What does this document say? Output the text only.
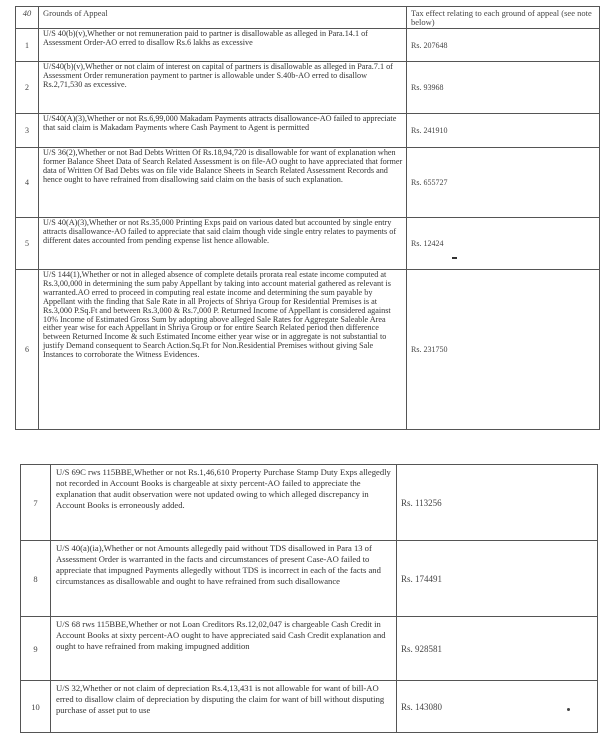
40	Grounds of Appeal	Tax effect relating to each ground of appeal (see note below)
1	U/S 40(b)(v),Whether or not remuneration paid to partner is disallowable as alleged in Para.14.1 of Assessment Order-AO erred to disallow Rs.6 lakhs as excessive	Rs. 207648
2	U/S40(b)(v),Whether or not claim of interest on capital of partners is disallowable as alleged in Para.7.1 of Assessment Order remuneration payment to partner is allowable under S.40b-AO erred to disallow Rs.2,71,530 as excessive.	Rs. 93968
3	U/S40(A)(3),Whether or not Rs.6,99,000 Makadam Payments attracts disallowance-AO failed to appreciate that said claim is Makadam Payments where Cash Payment to Agent is permitted	Rs. 241910
4	U/S 36(2),Whether or not Bad Debts Written Of Rs.18,94,720 is disallowable for want of explanation when former Balance Sheet Data of Search Related Assessment is on file-AO ought to have appreciated that former data of Written Of Bad Debts was on file vide Balance Sheets in Search Related Assessment Records and hence ought to have refrained from disallowing said claim on the basis of such explanation.	Rs. 655727
5	U/S 40(A)(3),Whether or not Rs.35,000 Printing Exps paid on various dated but accounted by single entry attracts disallowance-AO failed to appreciate that said claim though vide single entry relates to payments of different dates accounted from pending expense list hence allowable.	Rs. 12424
6	U/S 144(1),Whether or not in alleged absence of complete details prorata real estate income computed at Rs.3,00,000 in determining the sum paby Appellant by taking into account material gathered as relevant is warranted.AO erred to proceed in computing real estate income and determining the sum payable by Appellant with the finding that Sale Rate in all Projects of Shriya Group for Residential Premises is at Rs.3,000 P.Sq.Ft and between Rs.3,000 & Rs.7,000 P. Returned Income of Appellant is considered against 10% Income of Estimated Gross Sum by adopting above alleged Sale Rates for Aggregate Saleable Area either year wise for each Appellant in Shriya Group or for entire Search Related period then difference between Returned Income & such Estimated Income either year wise or in aggregate is not substantial to justify Demand consequent to Search Action.Sq.Ft for Non.Residential Premises without giving Sale Instances to corroborate the Witness Evidences.	Rs. 231750
7	U/S 69C rws 115BBE,Whether or not Rs.1,46,610 Property Purchase Stamp Duty Exps allegedly not recorded in Account Books is chargeable at sixty percent-AO failed to appreciate the explanation that audit observation were not updated owing to which alleged discrepancy in Account Books is erroneously added.	Rs. 113256
8	U/S 40(a)(ia),Whether or not Amounts allegedly paid without TDS disallowed in Para 13 of Assessment Order is warranted in the facts and circumstances of present Case-AO failed to appreciate that impugned Payments allegedly without TDS is incorrect in each of the facts and circumstances as disallowable and ought to have refrained from such disallowance	Rs. 174491
9	U/S 68 rws 115BBE,Whether or not Loan Creditors Rs.12,02,047 is chargeable Cash Credit in Account Books at sixty percent-AO ought to have appreciated said Cash Credit explanation and ought to have refrained from making impugned addition	Rs. 928581
10	U/S 32,Whether or not claim of depreciation Rs.4,13,431 is not allowable for want of bill-AO erred to disallow claim of depreciation by disputing the claim for want of bill without disputing purchase of asset put to use	Rs. 143080
